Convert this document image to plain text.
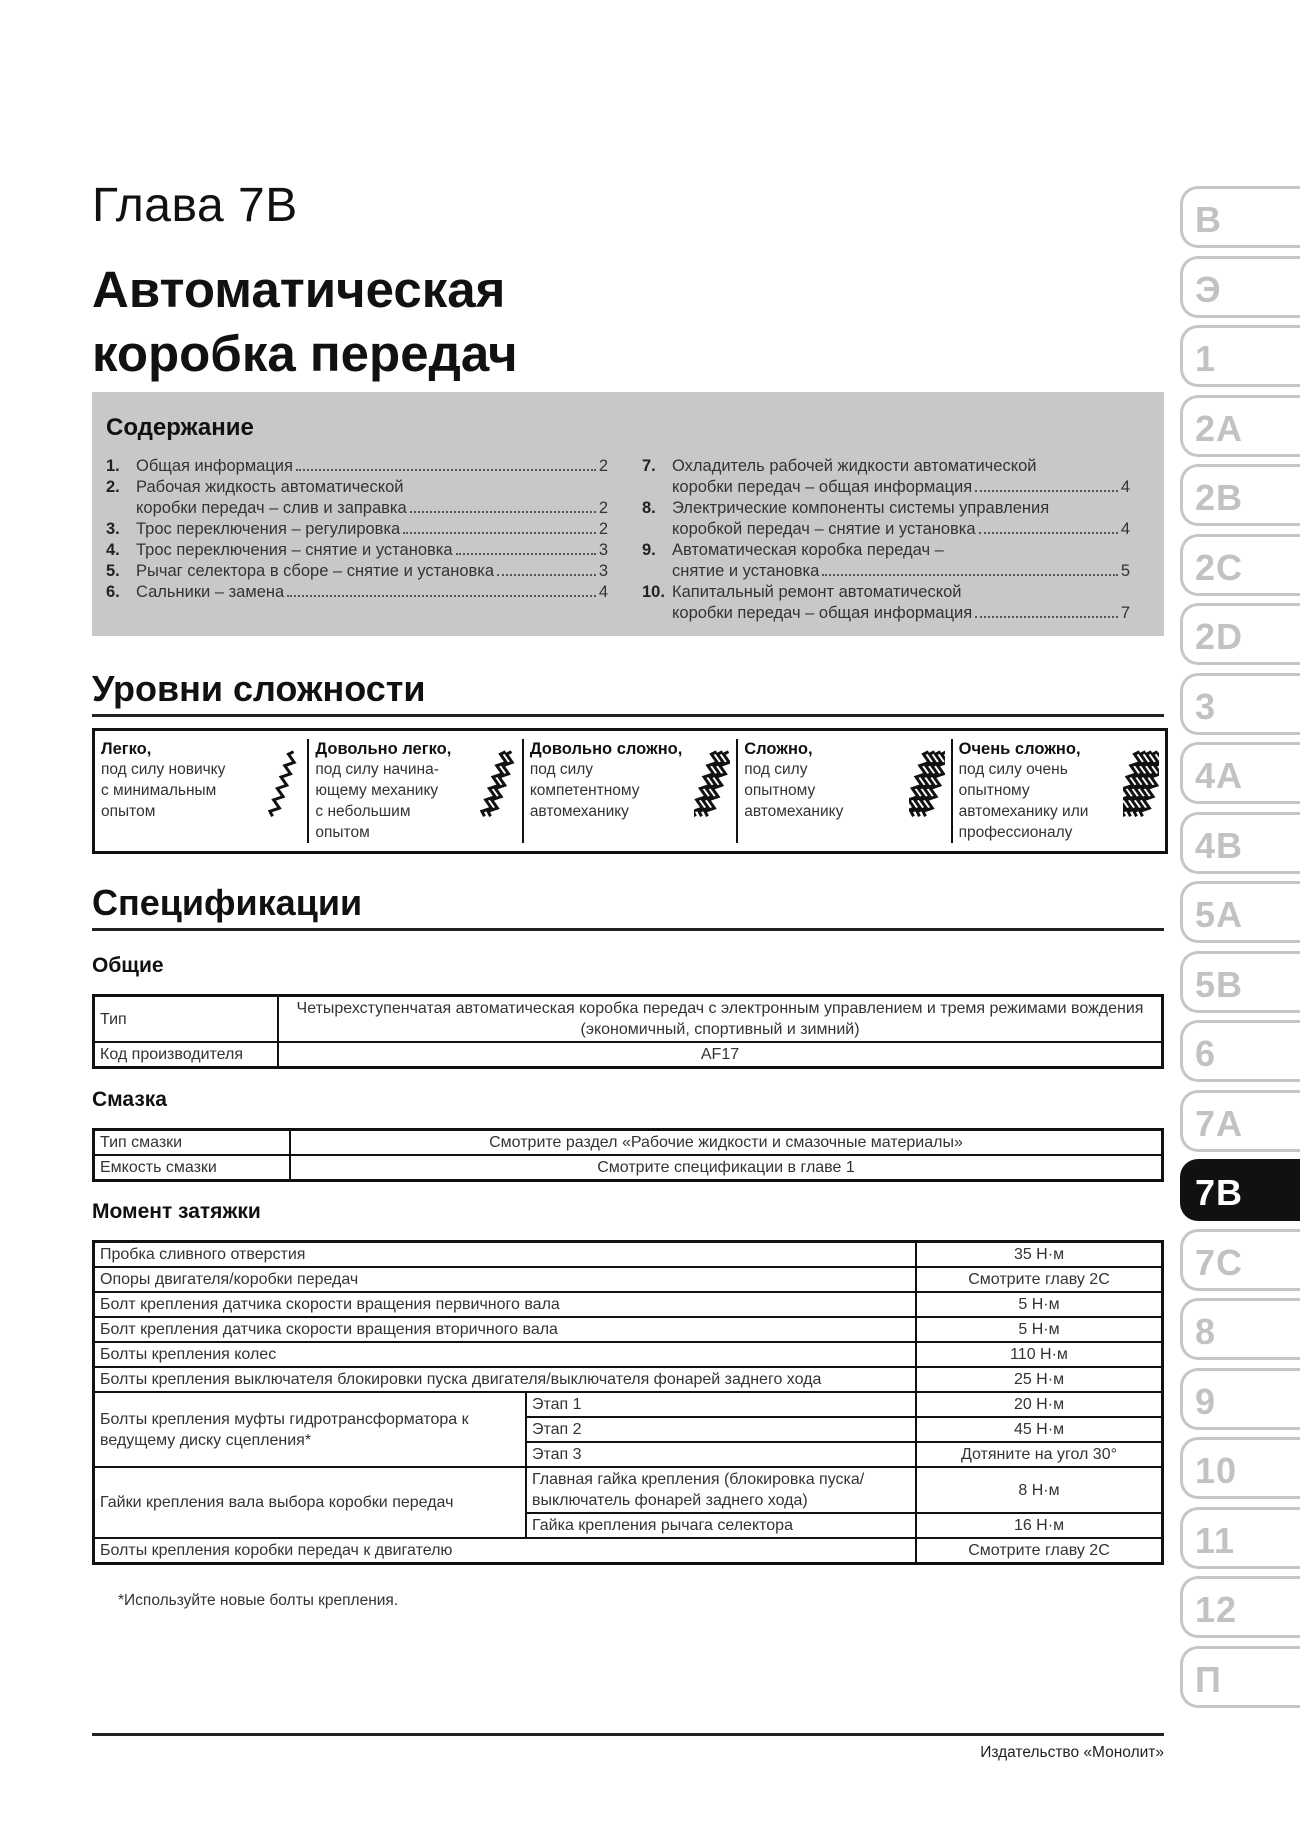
Глава 7В
Автоматическая
коробка передач
Содержание
1. Общая информация	2
2. Рабочая жидкость автоматической
коробки передач – слив и заправка	2
3. Трос переключения – регулировка	2
4. Трос переключения – снятие и установка	3
5. Рычаг селектора в сборе – снятие и установка	3
6. Сальники – замена	4
7. Охладитель рабочей жидкости автоматической
коробки передач – общая информация	4
8. Электрические компоненты системы управления
коробкой передач – снятие и установка	4
9. Автоматическая коробка передач –
снятие и установка	5
10. Капитальный ремонт автоматической
коробки передач – общая информация	7
Уровни сложности
Легко,
под силу новичку
с минимальным
опытом
Довольно легко,
под силу начина-
ющему механику
с небольшим
опытом
Довольно сложно,
под силу
компетентному
автомеханику
Сложно,
под силу
опытному
автомеханику
Очень сложно,
под силу очень
опытному
автомеханику или
профессионалу
Спецификации
Общие
Тип	Четырехступенчатая автоматическая коробка передач с электронным управлением и тремя режимами вождения (экономичный, спортивный и зимний)
Код производителя	AF17
Смазка
Тип смазки	Смотрите раздел «Рабочие жидкости и смазочные материалы»
Емкость смазки	Смотрите спецификации в главе 1
Момент затяжки
Пробка сливного отверстия		35 Н·м
Опоры двигателя/коробки передач		Смотрите главу 2C
Болт крепления датчика скорости вращения первичного вала		5 Н·м
Болт крепления датчика скорости вращения вторичного вала		5 Н·м
Болты крепления колес		110 Н·м
Болты крепления выключателя блокировки пуска двигателя/выключателя фонарей заднего хода		25 Н·м
Болты крепления муфты гидротрансформатора к ведущему диску сцепления*	Этап 1	20 Н·м
	Этап 2	45 Н·м
	Этап 3	Дотяните на угол 30°
Гайки крепления вала выбора коробки передач	Главная гайка крепления (блокировка пуска/ выключатель фонарей заднего хода)	8 Н·м
	Гайка крепления рычага селектора	16 Н·м
Болты крепления коробки передач к двигателю		Смотрите главу 2C
*Используйте новые болты крепления.
Издательство «Монолит»
В
Э
1
2А
2В
2С
2D
3
4А
4В
5А
5В
6
7А
7В
7С
8
9
10
11
12
П
